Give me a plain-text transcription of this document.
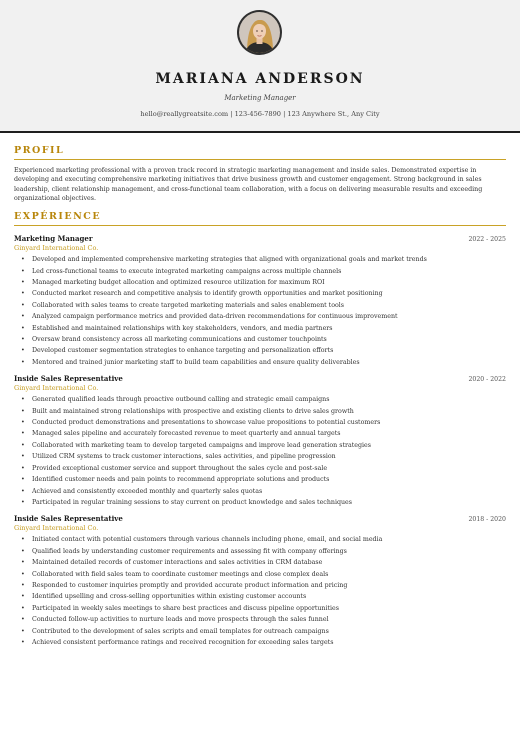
MARIANA ANDERSON
Marketing Manager
hello@reallygreatsite.com | 123-456-7890 | 123 Anywhere St., Any City
PROFIL

Experienced marketing professional with a proven track record in strategic marketing management and inside sales. Demonstrated expertise in developing and executing comprehensive marketing initiatives that drive business growth and customer engagement. Strong background in sales leadership, client relationship management, and cross-functional team collaboration, with a focus on delivering measurable results and exceeding organizational objectives.

EXPÉRIENCE
Marketing Manager	2022 - 2025
Ginyard International Co.
• Developed and implemented comprehensive marketing strategies that aligned with organizational goals and market trends
• Led cross-functional teams to execute integrated marketing campaigns across multiple channels
• Managed marketing budget allocation and optimized resource utilization for maximum ROI
• Conducted market research and competitive analysis to identify growth opportunities and market positioning
• Collaborated with sales teams to create targeted marketing materials and sales enablement tools
• Analyzed campaign performance metrics and provided data-driven recommendations for continuous improvement
• Established and maintained relationships with key stakeholders, vendors, and media partners
• Oversaw brand consistency across all marketing communications and customer touchpoints
• Developed customer segmentation strategies to enhance targeting and personalization efforts
• Mentored and trained junior marketing staff to build team capabilities and ensure quality deliverables
Inside Sales Representative	2020 - 2022
Ginyard International Co.
• Generated qualified leads through proactive outbound calling and strategic email campaigns
• Built and maintained strong relationships with prospective and existing clients to drive sales growth
• Conducted product demonstrations and presentations to showcase value propositions to potential customers
• Managed sales pipeline and accurately forecasted revenue to meet quarterly and annual targets
• Collaborated with marketing team to develop targeted campaigns and improve lead generation strategies
• Utilized CRM systems to track customer interactions, sales activities, and pipeline progression
• Provided exceptional customer service and support throughout the sales cycle and post-sale
• Identified customer needs and pain points to recommend appropriate solutions and products
• Achieved and consistently exceeded monthly and quarterly sales quotas
• Participated in regular training sessions to stay current on product knowledge and sales techniques
Inside Sales Representative	2018 - 2020
Ginyard International Co.
• Initiated contact with potential customers through various channels including phone, email, and social media
• Qualified leads by understanding customer requirements and assessing fit with company offerings
• Maintained detailed records of customer interactions and sales activities in CRM database
• Collaborated with field sales team to coordinate customer meetings and close complex deals
• Responded to customer inquiries promptly and provided accurate product information and pricing
• Identified upselling and cross-selling opportunities within existing customer accounts
• Participated in weekly sales meetings to share best practices and discuss pipeline opportunities
• Conducted follow-up activities to nurture leads and move prospects through the sales funnel
• Contributed to the development of sales scripts and email templates for outreach campaigns
• Achieved consistent performance ratings and received recognition for exceeding sales targets
